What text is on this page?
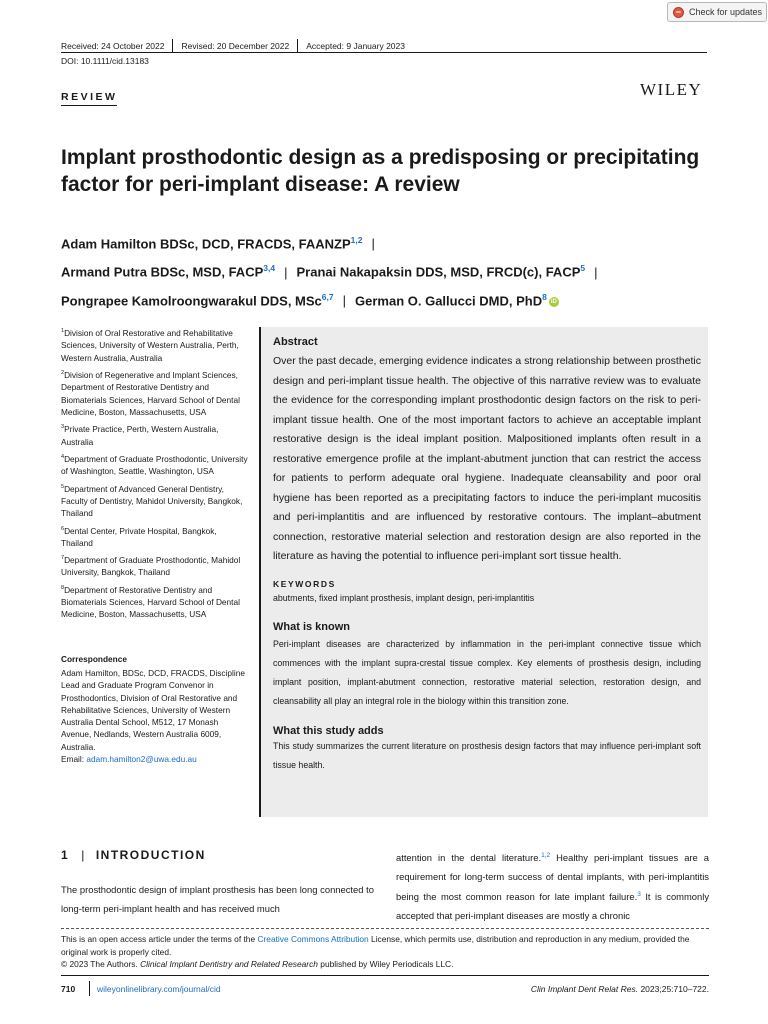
Check for updates
Received: 24 October 2022 Revised: 20 December 2022 Accepted: 9 January 2023
DOI: 10.1111/cid.13183
REVIEW	WILEY
Implant prosthodontic design as a predisposing or precipitating factor for peri-implant disease: A review
Adam Hamilton BDSc, DCD, FRACDS, FAANZP$^{1,2}$ |
Armand Putra BDSc, MSD, FACP$^{3,4}$ | Pranai Nakapaksin DDS, MSD, FRCD(c), FACP$^5$ |
Pongrapee Kamolroongwarakul DDS, MSc$^{6,7}$ | German O. Gallucci DMD, PhD$^8$ iD

$^1$Division of Oral Restorative and Rehabilitative Sciences, University of Western Australia, Perth, Western Australia, Australia

$^2$Division of Regenerative and Implant Sciences, Department of Restorative Dentistry and Biomaterials Sciences, Harvard School of Dental Medicine, Boston, Massachusetts, USA

$^3$Private Practice, Perth, Western Australia, Australia

$^4$Department of Graduate Prosthodontic, University of Washington, Seattle, Washington, USA

$^5$Department of Advanced General Dentistry, Faculty of Dentistry, Mahidol University, Bangkok, Thailand

$^6$Dental Center, Private Hospital, Bangkok, Thailand

$^7$Department of Graduate Prosthodontic, Mahidol University, Bangkok, Thailand

$^8$Department of Restorative Dentistry and Biomaterials Sciences, Harvard School of Dental Medicine, Boston, Massachusetts, USA

Correspondence
Adam Hamilton, BDSc, DCD, FRACDS, Discipline Lead and Graduate Program Convenor in Prosthodontics, Division of Oral Restorative and Rehabilitative Sciences, University of Western Australia Dental School, M512, 17 Monash Avenue, Nedlands, Western Australia 6009, Australia.
Email: adam.hamilton2@uwa.edu.au
Abstract
Over the past decade, emerging evidence indicates a strong relationship between prosthetic design and peri-implant tissue health. The objective of this narrative review was to evaluate the evidence for the corresponding implant prosthodontic design factors on the risk to peri-implant tissue health. One of the most important factors to achieve an acceptable implant restorative design is the ideal implant position. Malpositioned implants often result in a restorative emergence profile at the implant-abutment junction that can restrict the access for patients to perform adequate oral hygiene. Inadequate cleansability and poor oral hygiene has been reported as a precipitating factors to induce the peri-implant mucositis and peri-implantitis and are influenced by restorative contours. The implant–abutment connection, restorative material selection and restoration design are also reported in the literature as having the potential to influence peri-implant sort tissue health.
KEYWORDS
abutments, fixed implant prosthesis, implant design, peri-implantitis
What is known
Peri-implant diseases are characterized by inflammation in the peri-implant connective tissue which commences with the implant supra-crestal tissue complex. Key elements of prosthesis design, including implant position, implant-abutment connection, restorative material selection, restoration design, and cleansability all play an integral role in the biology within this transition zone.
What this study adds
This study summarizes the current literature on prosthesis design factors that may influence peri-implant soft tissue health.
1 | INTRODUCTION
The prosthodontic design of implant prosthesis has been long connected to long-term peri-implant health and has received much
attention in the dental literature.$^{1,2}$ Healthy peri-implant tissues are a requirement for long-term success of dental implants, with peri-implantitis being the most common reason for late implant failure.$^3$ It is commonly accepted that peri-implant diseases are mostly a chronic
This is an open access article under the terms of the Creative Commons Attribution License, which permits use, distribution and reproduction in any medium, provided the original work is properly cited.
© 2023 The Authors. Clinical Implant Dentistry and Related Research published by Wiley Periodicals LLC.
710	wileyonlinelibrary.com/journal/cid	Clin Implant Dent Relat Res. 2023;25:710–722.
